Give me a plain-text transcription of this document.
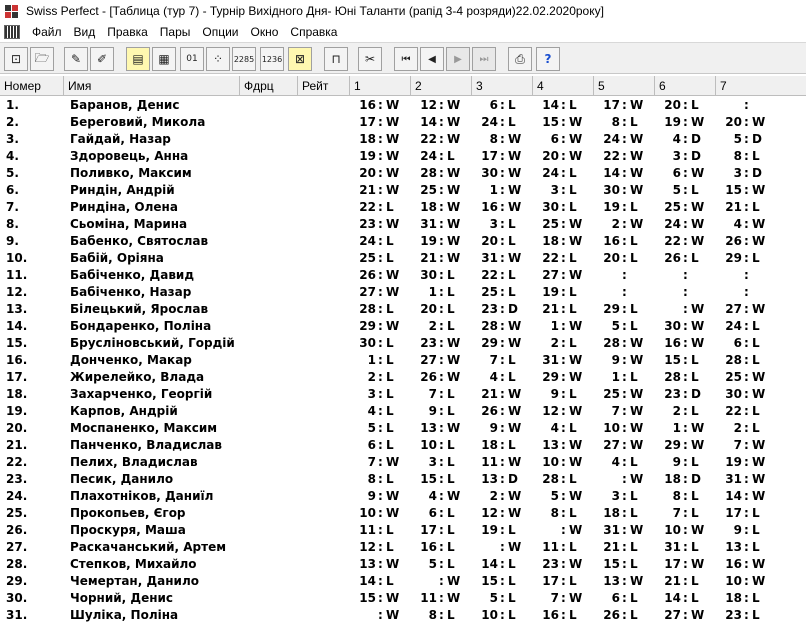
Swiss Perfect - [Таблица (тур 7) - Турнір Вихідного Дня- Юні Таланти (рапід 3-4 розряди)22.02.2020року]
Файл	Вид	Правка	Пары	Опции	Окно	Справка
⊡	🗁	✎	✐	▤	▦	01	⁘	2285 1236	⊠	⊓	✂	⏮	◀	▶	⏭	⎙	?
Номер	Имя	Фдрц	Рейт	1	2	3	4	5	6	7
1.	Баранов, Денис	16 : W 12 : W	6 : L 14 : L 17 : W 20 : L	:
2.	Береговий, Микола	17 : W 14 : W 24 : L 15 : W	8 : L 19 : W 20 : W
3.	Гайдай, Назар	18 : W 22 : W	8 : W	6 : W 24 : W	4 : D	5 : D
4.	Здоровець, Анна	19 : W 24 : L 17 : W 20 : W 22 : W	3 : D	8 : L
5.	Поливко, Максим	20 : W 28 : W 30 : W 24 : L 14 : W	6 : W	3 : D
6.	Риндін, Андрій	21 : W 25 : W	1 : W	3 : L 30 : W	5 : L 15 : W
7.	Риндіна, Олена	22 : L 18 : W 16 : W 30 : L 19 : L 25 : W 21 : L
8.	Сьоміна, Марина	23 : W 31 : W	3 : L 25 : W	2 : W 24 : W	4 : W
9.	Бабенко, Святослав	24 : L 19 : W 20 : L 18 : W 16 : L 22 : W 26 : W
10.	Бабій, Оріяна	25 : L 21 : W 31 : W 22 : L 20 : L 26 : L 29 : L
11.	Бабіченко, Давид	26 : W 30 : L 22 : L 27 : W	:	:	:
12.	Бабіченко, Назар	27 : W	1 : L 25 : L 19 : L	:	:	:
13.	Білецький, Ярослав	28 : L 20 : L 23 : D 21 : L 29 : L	: W 27 : W
14.	Бондаренко, Поліна	29 : W	2 : L 28 : W	1 : W	5 : L 30 : W 24 : L
15.	Брусліновський, Гордій	30 : L 23 : W 29 : W	2 : L 28 : W 16 : W	6 : L
16.	Донченко, Макар	1 : L 27 : W	7 : L 31 : W	9 : W 15 : L 28 : L
17.	Жирелейко, Влада	2 : L 26 : W	4 : L 29 : W	1 : L 28 : L 25 : W
18.	Захарченко, Георгій	3 : L	7 : L 21 : W	9 : L 25 : W 23 : D 30 : W
19.	Карпов, Андрій	4 : L	9 : L 26 : W 12 : W	7 : W	2 : L 22 : L
20.	Моспаненко, Максим	5 : L 13 : W	9 : W	4 : L 10 : W	1 : W	2 : L
21.	Панченко, Владислав	6 : L 10 : L 18 : L 13 : W 27 : W 29 : W	7 : W
22.	Пелих, Владислав	7 : W	3 : L 11 : W 10 : W	4 : L	9 : L 19 : W
23.	Песик, Данило	8 : L 15 : L 13 : D 28 : L	: W 18 : D 31 : W
24.	Плахотніков, Даниїл	9 : W	4 : W	2 : W	5 : W	3 : L	8 : L 14 : W
25.	Прокопьев, Єгор	10 : W	6 : L 12 : W	8 : L 18 : L	7 : L 17 : L
26.	Проскуря, Маша	11 : L 17 : L 19 : L	: W 31 : W 10 : W	9 : L
27.	Раскачанський, Артем	12 : L 16 : L	: W 11 : L 21 : L 31 : L 13 : L
28.	Степков, Михайло	13 : W	5 : L 14 : L 23 : W 15 : L 17 : W 16 : W
29.	Чемертан, Данило	14 : L	: W 15 : L 17 : L 13 : W 21 : L 10 : W
30.	Чорний, Денис	15 : W 11 : W	5 : L	7 : W	6 : L 14 : L 18 : L
31.	Шуліка, Поліна	: W	8 : L 10 : L 16 : L 26 : L 27 : W 23 : L
